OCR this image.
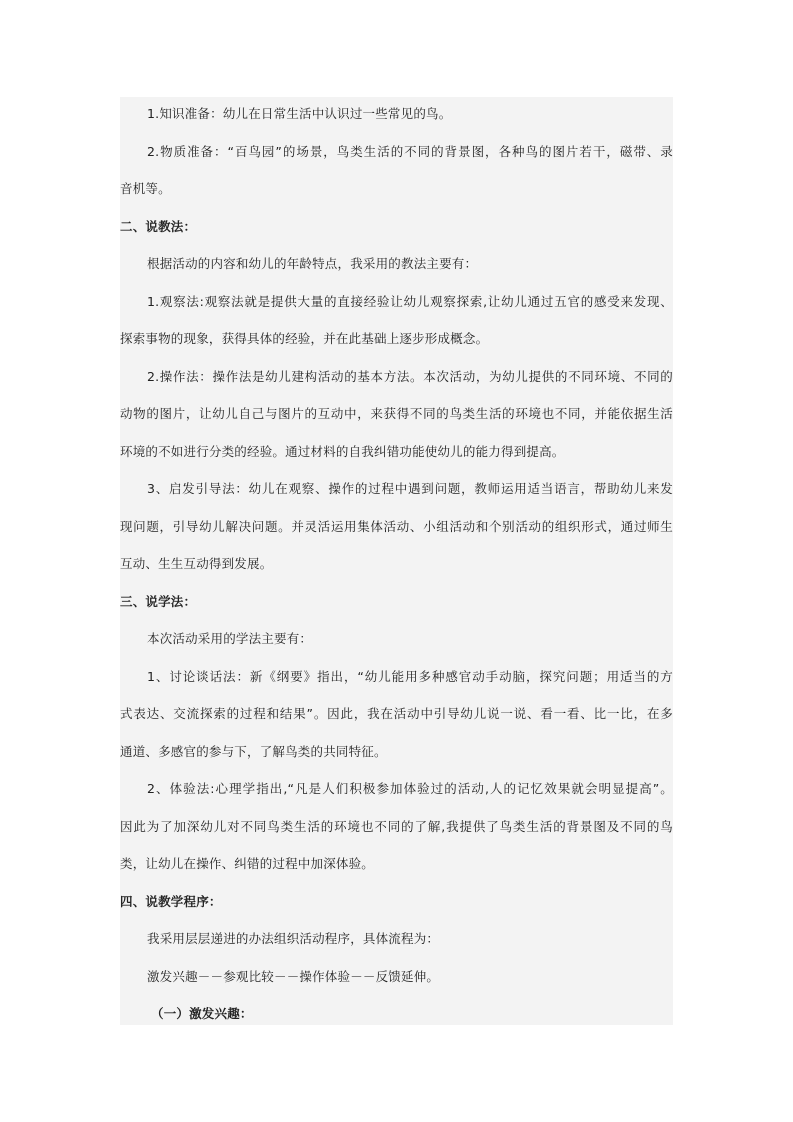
1.知识准备：幼儿在日常生活中认识过一些常见的鸟。
2.物质准备：“百鸟园”的场景，鸟类生活的不同的背景图，各种鸟的图片若干，磁带、录
音机等。
二、说教法：
根据活动的内容和幼儿的年龄特点，我采用的教法主要有：
1.观察法:观察法就是提供大量的直接经验让幼儿观察探索,让幼儿通过五官的感受来发现、
探索事物的现象，获得具体的经验，并在此基础上逐步形成概念。
2.操作法：操作法是幼儿建构活动的基本方法。本次活动，为幼儿提供的不同环境、不同的
动物的图片，让幼儿自己与图片的互动中，来获得不同的鸟类生活的环境也不同，并能依据生活
环境的不如进行分类的经验。通过材料的自我纠错功能使幼儿的能力得到提高。
3、启发引导法：幼儿在观察、操作的过程中遇到问题，教师运用适当语言，帮助幼儿来发
现问题，引导幼儿解决问题。并灵活运用集体活动、小组活动和个别活动的组织形式，通过师生
互动、生生互动得到发展。
三、说学法：
本次活动采用的学法主要有：
1、讨论谈话法：新《纲要》指出，“幼儿能用多种感官动手动脑，探究问题；用适当的方
式表达、交流探索的过程和结果”。因此，我在活动中引导幼儿说一说、看一看、比一比，在多
通道、多感官的参与下，了解鸟类的共同特征。
2、体验法:心理学指出,“凡是人们积极参加体验过的活动,人的记忆效果就会明显提高”。
因此为了加深幼儿对不同鸟类生活的环境也不同的了解,我提供了鸟类生活的背景图及不同的鸟
类，让幼儿在操作、纠错的过程中加深体验。
四、说教学程序：
我采用层层递进的办法组织活动程序，具体流程为：
激发兴趣－－参观比较－－操作体验－－反馈延伸。
（一）激发兴趣：
